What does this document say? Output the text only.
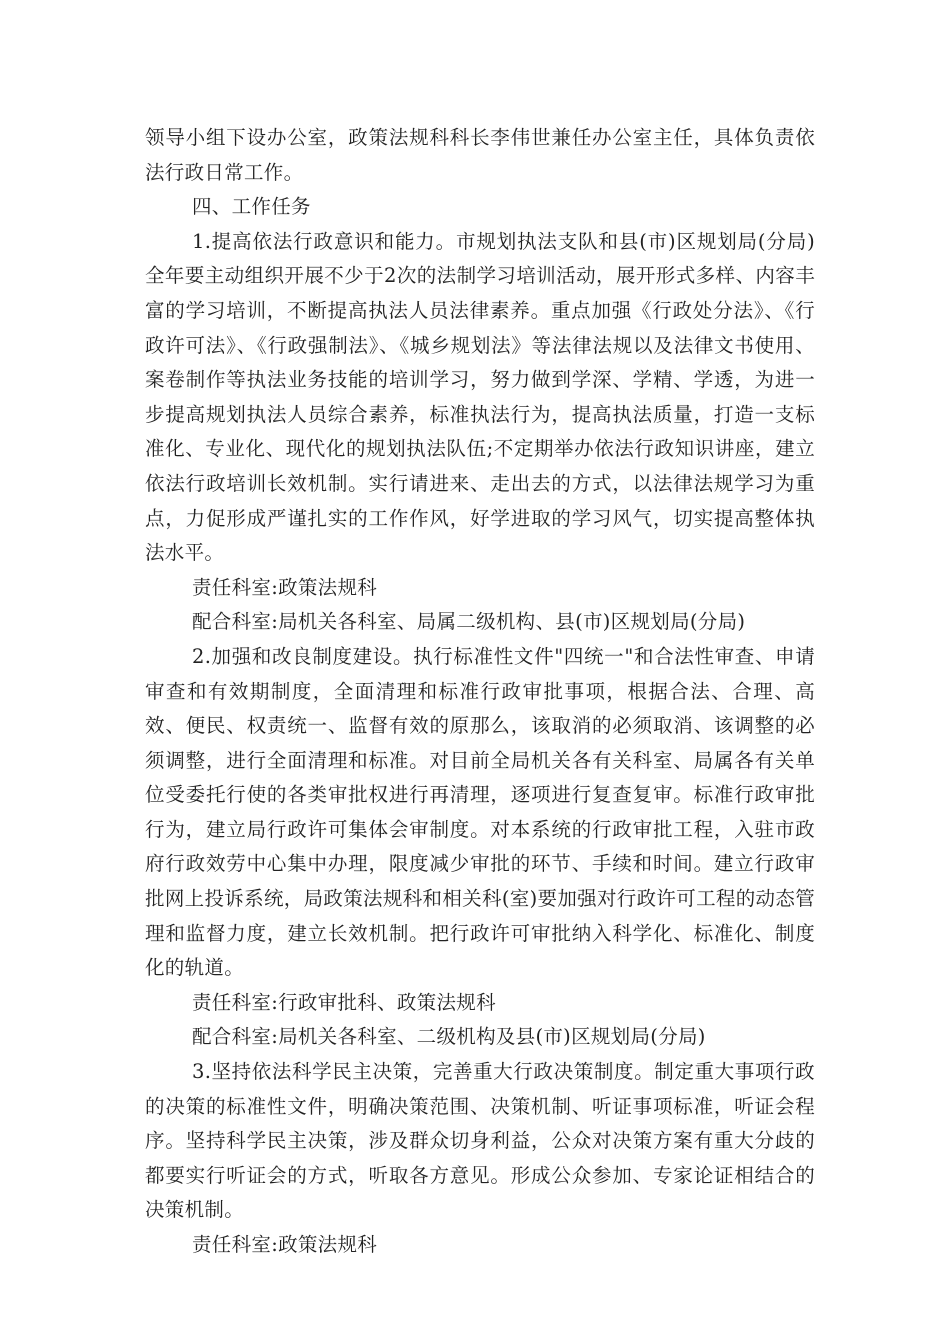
领导小组下设办公室，政策法规科科长李伟世兼任办公室主任，具体负责依法行政日常工作。

四、工作任务

1.提高依法行政意识和能力。市规划执法支队和县(市)区规划局(分局)全年要主动组织开展不少于2次的法制学习培训活动，展开形式多样、内容丰富的学习培训，不断提高执法人员法律素养。重点加强《行政处分法》、《行政许可法》、《行政强制法》、《城乡规划法》等法律法规以及法律文书使用、案卷制作等执法业务技能的培训学习，努力做到学深、学精、学透，为进一步提高规划执法人员综合素养，标准执法行为，提高执法质量，打造一支标准化、专业化、现代化的规划执法队伍;不定期举办依法行政知识讲座，建立依法行政培训长效机制。实行请进来、走出去的方式，以法律法规学习为重点，力促形成严谨扎实的工作作风，好学进取的学习风气，切实提高整体执法水平。

责任科室:政策法规科

配合科室:局机关各科室、局属二级机构、县(市)区规划局(分局)

2.加强和改良制度建设。执行标准性文件"四统一"和合法性审查、申请审查和有效期制度，全面清理和标准行政审批事项，根据合法、合理、高效、便民、权责统一、监督有效的原那么，该取消的必须取消、该调整的必须调整，进行全面清理和标准。对目前全局机关各有关科室、局属各有关单位受委托行使的各类审批权进行再清理，逐项进行复查复审。标准行政审批行为，建立局行政许可集体会审制度。对本系统的行政审批工程，入驻市政府行政效劳中心集中办理，限度减少审批的环节、手续和时间。建立行政审批网上投诉系统，局政策法规科和相关科(室)要加强对行政许可工程的动态管理和监督力度，建立长效机制。把行政许可审批纳入科学化、标准化、制度化的轨道。

责任科室:行政审批科、政策法规科

配合科室:局机关各科室、二级机构及县(市)区规划局(分局)

3.坚持依法科学民主决策，完善重大行政决策制度。制定重大事项行政的决策的标准性文件，明确决策范围、决策机制、听证事项标准，听证会程序。坚持科学民主决策，涉及群众切身利益，公众对决策方案有重大分歧的都要实行听证会的方式，听取各方意见。形成公众参加、专家论证相结合的决策机制。

责任科室:政策法规科
